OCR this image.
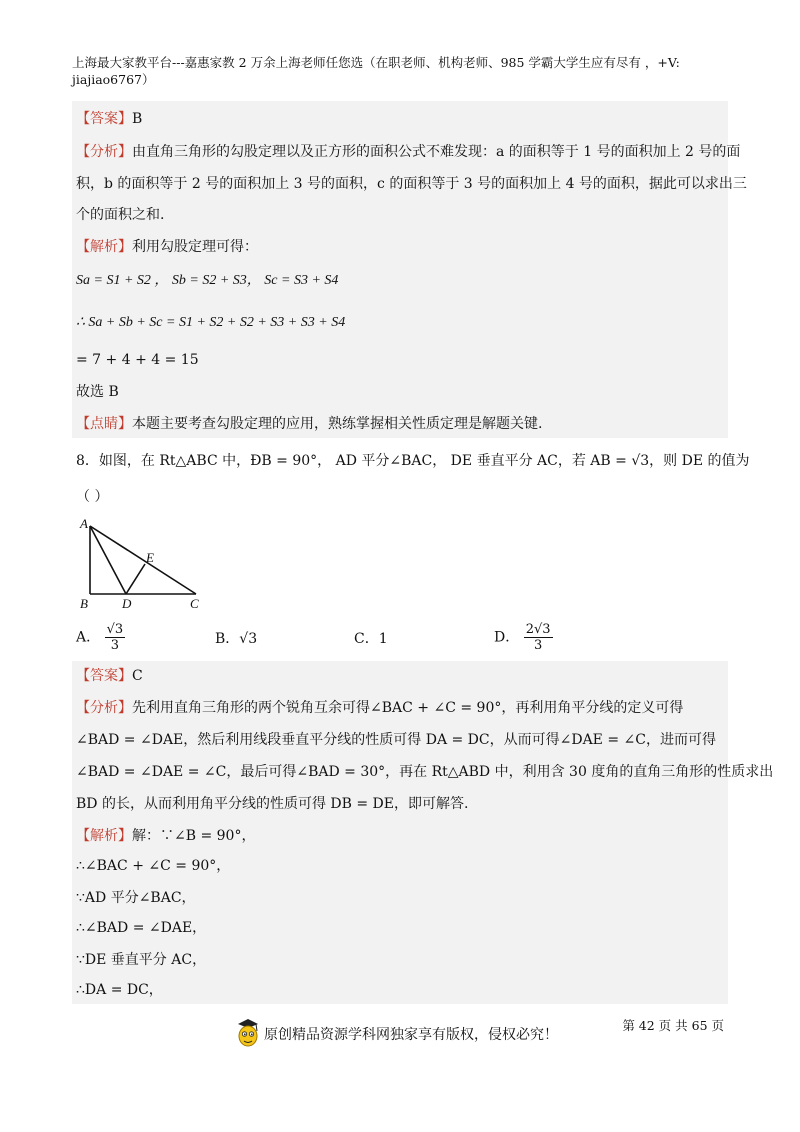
上海最大家教平台---嘉惠家教 2 万余上海老师任您选（在职老师、机构老师、985 学霸大学生应有尽有 ，+V:
jiajiao6767）
【答案】B
【分析】由直角三角形的勾股定理以及正方形的面积公式不难发现：a 的面积等于 1 号的面积加上 2 号的面
积，b 的面积等于 2 号的面积加上 3 号的面积，c 的面积等于 3 号的面积加上 4 号的面积，据此可以求出三
个的面积之和.
【解析】利用勾股定理可得：
Sa = S1 + S2 ， Sb = S2 + S3， Sc = S3 + S4
∴ Sa + Sb + Sc = S1 + S2 + S2 + S3 + S3 + S4
= 7 + 4 + 4 = 15
故选 B
【点睛】本题主要考查勾股定理的应用，熟练掌握相关性质定理是解题关键.
8．如图，在 Rt△ABC 中，ÐB = 90°， AD 平分∠BAC， DE 垂直平分 AC，若 AB = √3，则 DE 的值为
（ ）
A
B	D	C
E
A． $\frac{√3}{3}$	B．√3	C．1	D． $\frac{2√3}{3}$
【答案】C
【分析】先利用直角三角形的两个锐角互余可得∠BAC + ∠C = 90°，再利用角平分线的定义可得
∠BAD = ∠DAE，然后利用线段垂直平分线的性质可得 DA = DC，从而可得∠DAE = ∠C，进而可得
∠BAD = ∠DAE = ∠C，最后可得∠BAD = 30°，再在 Rt△ABD 中，利用含 30 度角的直角三角形的性质求出
BD 的长，从而利用角平分线的性质可得 DB = DE，即可解答.
【解析】解：∵∠B = 90°，
∴∠BAC + ∠C = 90°，
∵AD 平分∠BAC，
∴∠BAD = ∠DAE，
∵DE 垂直平分 AC，
∴DA = DC，
原创精品资源学科网独家享有版权，侵权必究！
第 42 页 共 65 页
